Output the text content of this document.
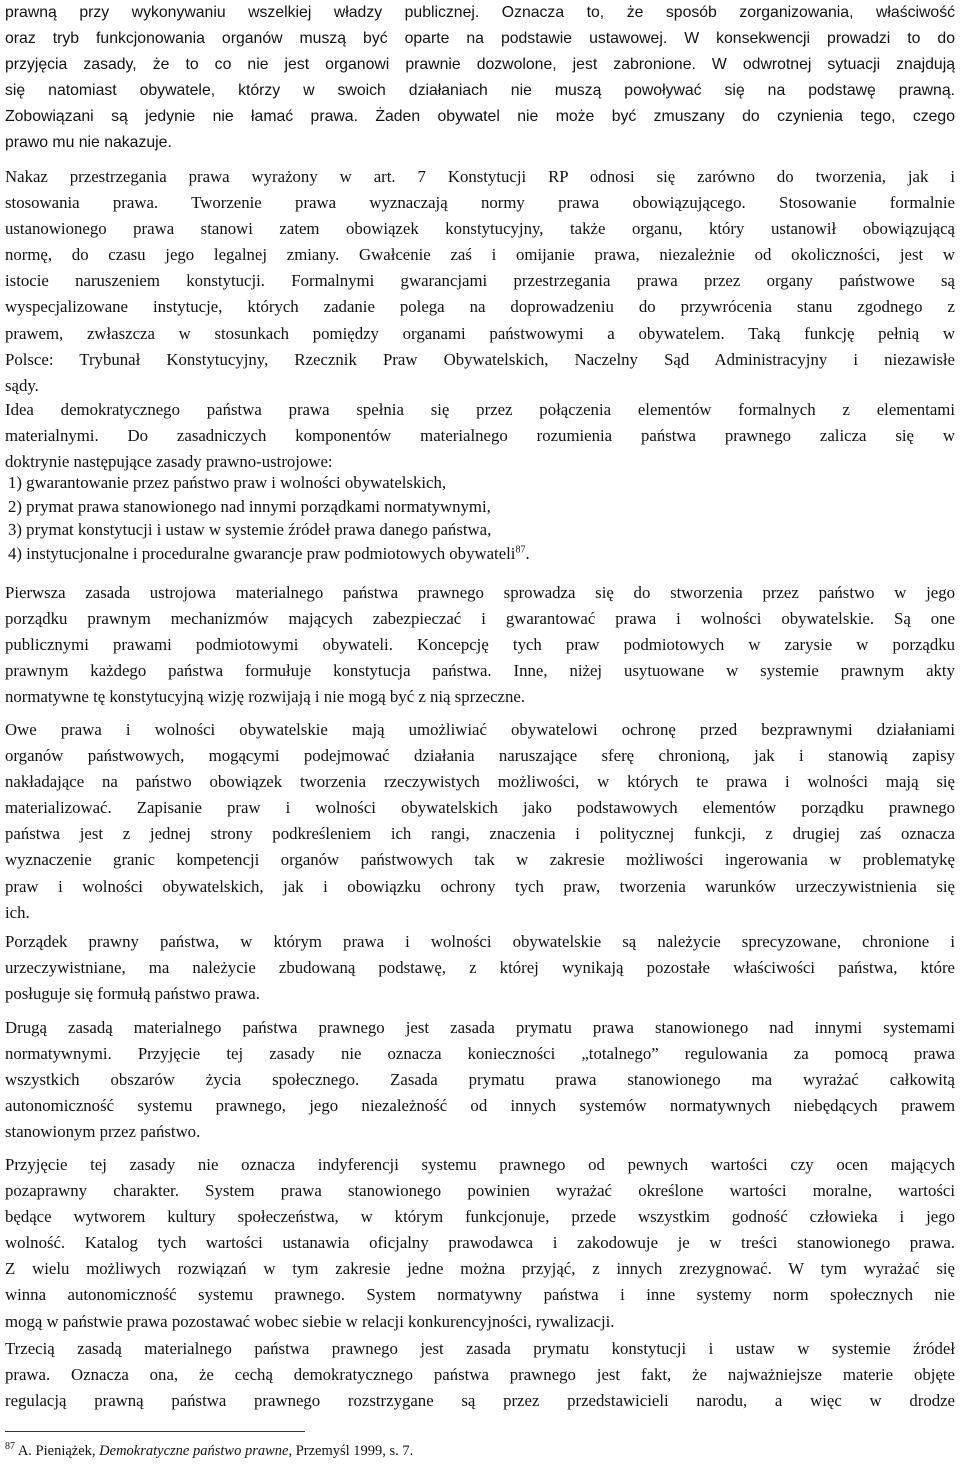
prawną przy wykonywaniu wszelkiej władzy publicznej. Oznacza to, że sposób zorganizowania, właściwość
oraz tryb funkcjonowania organów muszą być oparte na podstawie ustawowej. W konsekwencji prowadzi to do
przyjęcia zasady, że to co nie jest organowi prawnie dozwolone, jest zabronione. W odwrotnej sytuacji znajdują
się natomiast obywatele, którzy w swoich działaniach nie muszą powoływać się na podstawę prawną.
Zobowiązani są jedynie nie łamać prawa. Żaden obywatel nie może być zmuszany do czynienia tego, czego
prawo mu nie nakazuje.
Nakaz przestrzegania prawa wyrażony w art. 7 Konstytucji RP odnosi się zarówno do tworzenia, jak i
stosowania prawa. Tworzenie prawa wyznaczają normy prawa obowiązującego. Stosowanie formalnie
ustanowionego prawa stanowi zatem obowiązek konstytucyjny, także organu, który ustanowił obowiązującą
normę, do czasu jego legalnej zmiany. Gwałcenie zaś i omijanie prawa, niezależnie od okoliczności, jest w
istocie naruszeniem konstytucji. Formalnymi gwarancjami przestrzegania prawa przez organy państwowe są
wyspecjalizowane instytucje, których zadanie polega na doprowadzeniu do przywrócenia stanu zgodnego z
prawem, zwłaszcza w stosunkach pomiędzy organami państwowymi a obywatelem. Taką funkcję pełnią w
Polsce: Trybunał Konstytucyjny, Rzecznik Praw Obywatelskich, Naczelny Sąd Administracyjny i niezawisłe
sądy.
Idea demokratycznego państwa prawa spełnia się przez połączenia elementów formalnych z elementami
materialnymi. Do zasadniczych komponentów materialnego rozumienia państwa prawnego zalicza się w
doktrynie następujące zasady prawno-ustrojowe:
1) gwarantowanie przez państwo praw i wolności obywatelskich,
2) prymat prawa stanowionego nad innymi porządkami normatywnymi,
3) prymat konstytucji i ustaw w systemie źródeł prawa danego państwa,
4) instytucjonalne i proceduralne gwarancje praw podmiotowych obywateli$^{87}$.
Pierwsza zasada ustrojowa materialnego państwa prawnego sprowadza się do stworzenia przez państwo w jego
porządku prawnym mechanizmów mających zabezpieczać i gwarantować prawa i wolności obywatelskie. Są one
publicznymi prawami podmiotowymi obywateli. Koncepcję tych praw podmiotowych w zarysie w porządku
prawnym każdego państwa formułuje konstytucja państwa. Inne, niżej usytuowane w systemie prawnym akty
normatywne tę konstytucyjną wizję rozwijają i nie mogą być z nią sprzeczne.
Owe prawa i wolności obywatelskie mają umożliwiać obywatelowi ochronę przed bezprawnymi działaniami
organów państwowych, mogącymi podejmować działania naruszające sferę chronioną, jak i stanowią zapisy
nakładające na państwo obowiązek tworzenia rzeczywistych możliwości, w których te prawa i wolności mają się
materializować. Zapisanie praw i wolności obywatelskich jako podstawowych elementów porządku prawnego
państwa jest z jednej strony podkreśleniem ich rangi, znaczenia i politycznej funkcji, z drugiej zaś oznacza
wyznaczenie granic kompetencji organów państwowych tak w zakresie możliwości ingerowania w problematykę
praw i wolności obywatelskich, jak i obowiązku ochrony tych praw, tworzenia warunków urzeczywistnienia się
ich.
Porządek prawny państwa, w którym prawa i wolności obywatelskie są należycie sprecyzowane, chronione i
urzeczywistniane, ma należycie zbudowaną podstawę, z której wynikają pozostałe właściwości państwa, które
posługuje się formułą państwo prawa.
Drugą zasadą materialnego państwa prawnego jest zasada prymatu prawa stanowionego nad innymi systemami
normatywnymi. Przyjęcie tej zasady nie oznacza konieczności „totalnego” regulowania za pomocą prawa
wszystkich obszarów życia społecznego. Zasada prymatu prawa stanowionego ma wyrażać całkowitą
autonomiczność systemu prawnego, jego niezależność od innych systemów normatywnych niebędących prawem
stanowionym przez państwo.
Przyjęcie tej zasady nie oznacza indyferencji systemu prawnego od pewnych wartości czy ocen mających
pozaprawny charakter. System prawa stanowionego powinien wyrażać określone wartości moralne, wartości
będące wytworem kultury społeczeństwa, w którym funkcjonuje, przede wszystkim godność człowieka i jego
wolność. Katalog tych wartości ustanawia oficjalny prawodawca i zakodowuje je w treści stanowionego prawa.
Z wielu możliwych rozwiązań w tym zakresie jedne można przyjąć, z innych zrezygnować. W tym wyrażać się
winna autonomiczność systemu prawnego. System normatywny państwa i inne systemy norm społecznych nie
mogą w państwie prawa pozostawać wobec siebie w relacji konkurencyjności, rywalizacji.
Trzecią zasadą materialnego państwa prawnego jest zasada prymatu konstytucji i ustaw w systemie źródeł
prawa. Oznacza ona, że cechą demokratycznego państwa prawnego jest fakt, że najważniejsze materie objęte
regulacją prawną państwa prawnego rozstrzygane są przez przedstawicieli narodu, a więc w drodze
$^{87}$ A. Pieniążek, Demokratyczne państwo prawne, Przemyśl 1999, s. 7.
